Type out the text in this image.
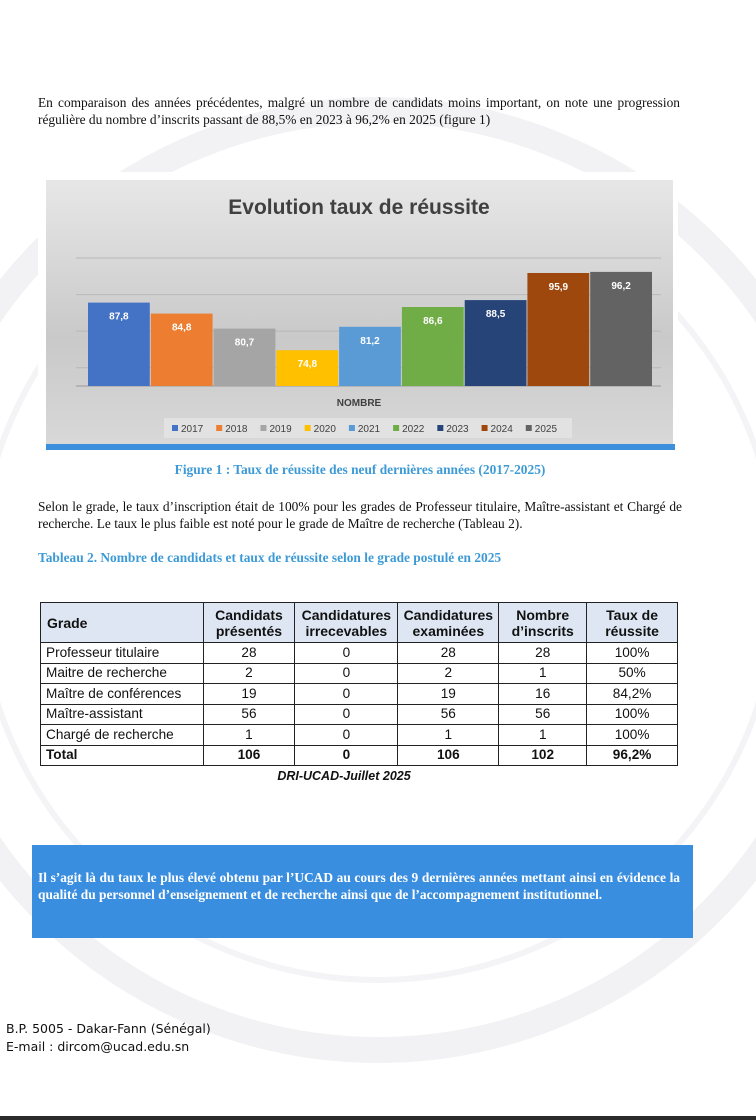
En comparaison des années précédentes, malgré un nombre de candidats moins important, on note une progression régulière du nombre d’inscrits passant de 88,5% en 2023 à 96,2% en 2025 (figure 1)

Evolution taux de réussite
87,8
84,8
80,7
74,8
81,2
86,6
88,5
95,9	96,2
NOMBRE
2017 2018 2019 2020 2021 2022 2023 2024 2025

Figure 1 : Taux de réussite des neuf dernières années (2017-2025)

Selon le grade, le taux d’inscription était de 100% pour les grades de Professeur titulaire, Maître-assistant et Chargé de recherche. Le taux le plus faible est noté pour le grade de Maître de recherche (Tableau 2).

Tableau 2. Nombre de candidats et taux de réussite selon le grade postulé en 2025

Grade	Candidats présentés	Candidatures irrecevables	Candidatures examinées	Nombre d’inscrits	Taux de réussite
Professeur titulaire	28	0	28	28	100%
Maitre de recherche	2	0	2	1	50%
Maître de conférences	19	0	19	16	84,2%
Maître-assistant	56	0	56	56	100%
Chargé de recherche	1	0	1	1	100%
Total	106	0	106	102	96,2%

DRI-UCAD-Juillet 2025

Il s’agit là du taux le plus élevé obtenu par l’UCAD au cours des 9 dernières années mettant ainsi en évidence la qualité du personnel d’enseignement et de recherche ainsi que de l’accompagnement institutionnel.

B.P. 5005 - Dakar-Fann (Sénégal)
E-mail : dircom@ucad.edu.sn
